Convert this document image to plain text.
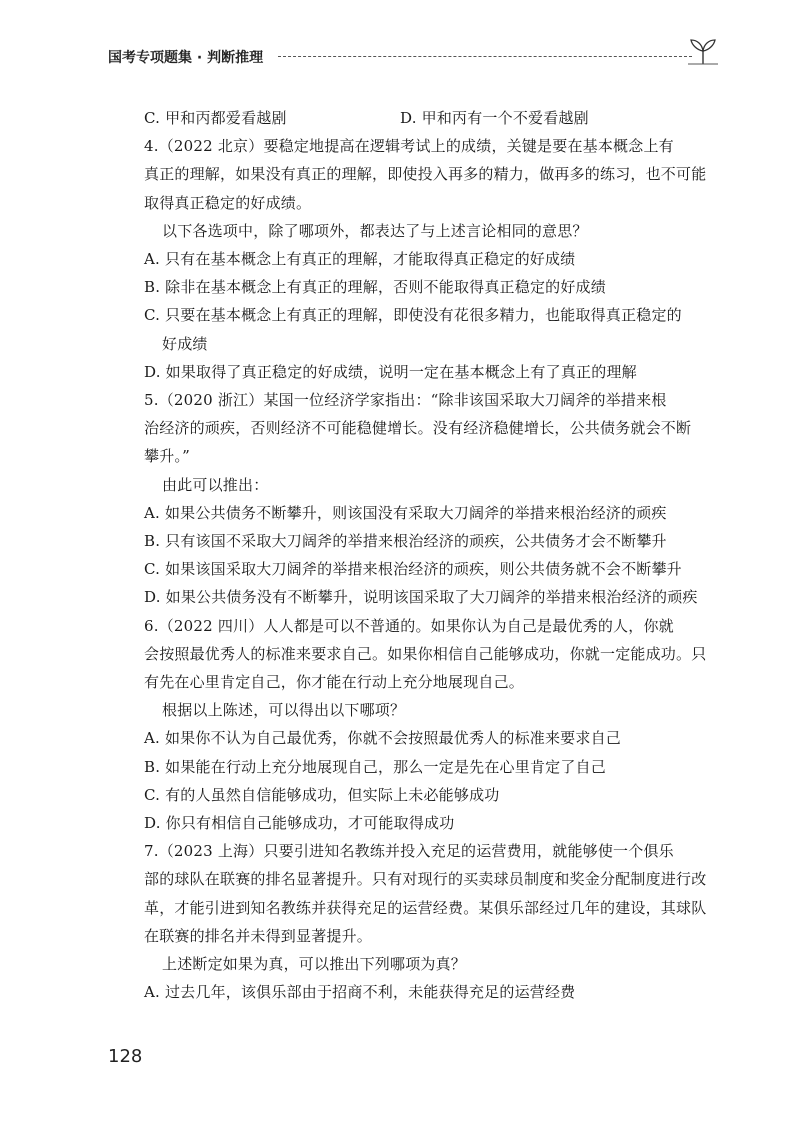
国考专项题集 · 判断推理
C. 甲和丙都爱看越剧	D. 甲和丙有一个不爱看越剧
4.（2022 北京）要稳定地提高在逻辑考试上的成绩，关键是要在基本概念上有
真正的理解，如果没有真正的理解，即使投入再多的精力，做再多的练习，也不可能
取得真正稳定的好成绩。
以下各选项中，除了哪项外，都表达了与上述言论相同的意思？
A. 只有在基本概念上有真正的理解，才能取得真正稳定的好成绩
B. 除非在基本概念上有真正的理解，否则不能取得真正稳定的好成绩
C. 只要在基本概念上有真正的理解，即使没有花很多精力，也能取得真正稳定的
好成绩
D. 如果取得了真正稳定的好成绩，说明一定在基本概念上有了真正的理解
5.（2020 浙江）某国一位经济学家指出：“除非该国采取大刀阔斧的举措来根
治经济的顽疾，否则经济不可能稳健增长。没有经济稳健增长，公共债务就会不断
攀升。”
由此可以推出：
A. 如果公共债务不断攀升，则该国没有采取大刀阔斧的举措来根治经济的顽疾
B. 只有该国不采取大刀阔斧的举措来根治经济的顽疾，公共债务才会不断攀升
C. 如果该国采取大刀阔斧的举措来根治经济的顽疾，则公共债务就不会不断攀升
D. 如果公共债务没有不断攀升，说明该国采取了大刀阔斧的举措来根治经济的顽疾
6.（2022 四川）人人都是可以不普通的。如果你认为自己是最优秀的人，你就
会按照最优秀人的标准来要求自己。如果你相信自己能够成功，你就一定能成功。只
有先在心里肯定自己，你才能在行动上充分地展现自己。
根据以上陈述，可以得出以下哪项？
A. 如果你不认为自己最优秀，你就不会按照最优秀人的标准来要求自己
B. 如果能在行动上充分地展现自己，那么一定是先在心里肯定了自己
C. 有的人虽然自信能够成功，但实际上未必能够成功
D. 你只有相信自己能够成功，才可能取得成功
7.（2023 上海）只要引进知名教练并投入充足的运营费用，就能够使一个俱乐
部的球队在联赛的排名显著提升。只有对现行的买卖球员制度和奖金分配制度进行改
革，才能引进到知名教练并获得充足的运营经费。某俱乐部经过几年的建设，其球队
在联赛的排名并未得到显著提升。
上述断定如果为真，可以推出下列哪项为真？
A. 过去几年，该俱乐部由于招商不利，未能获得充足的运营经费
128
